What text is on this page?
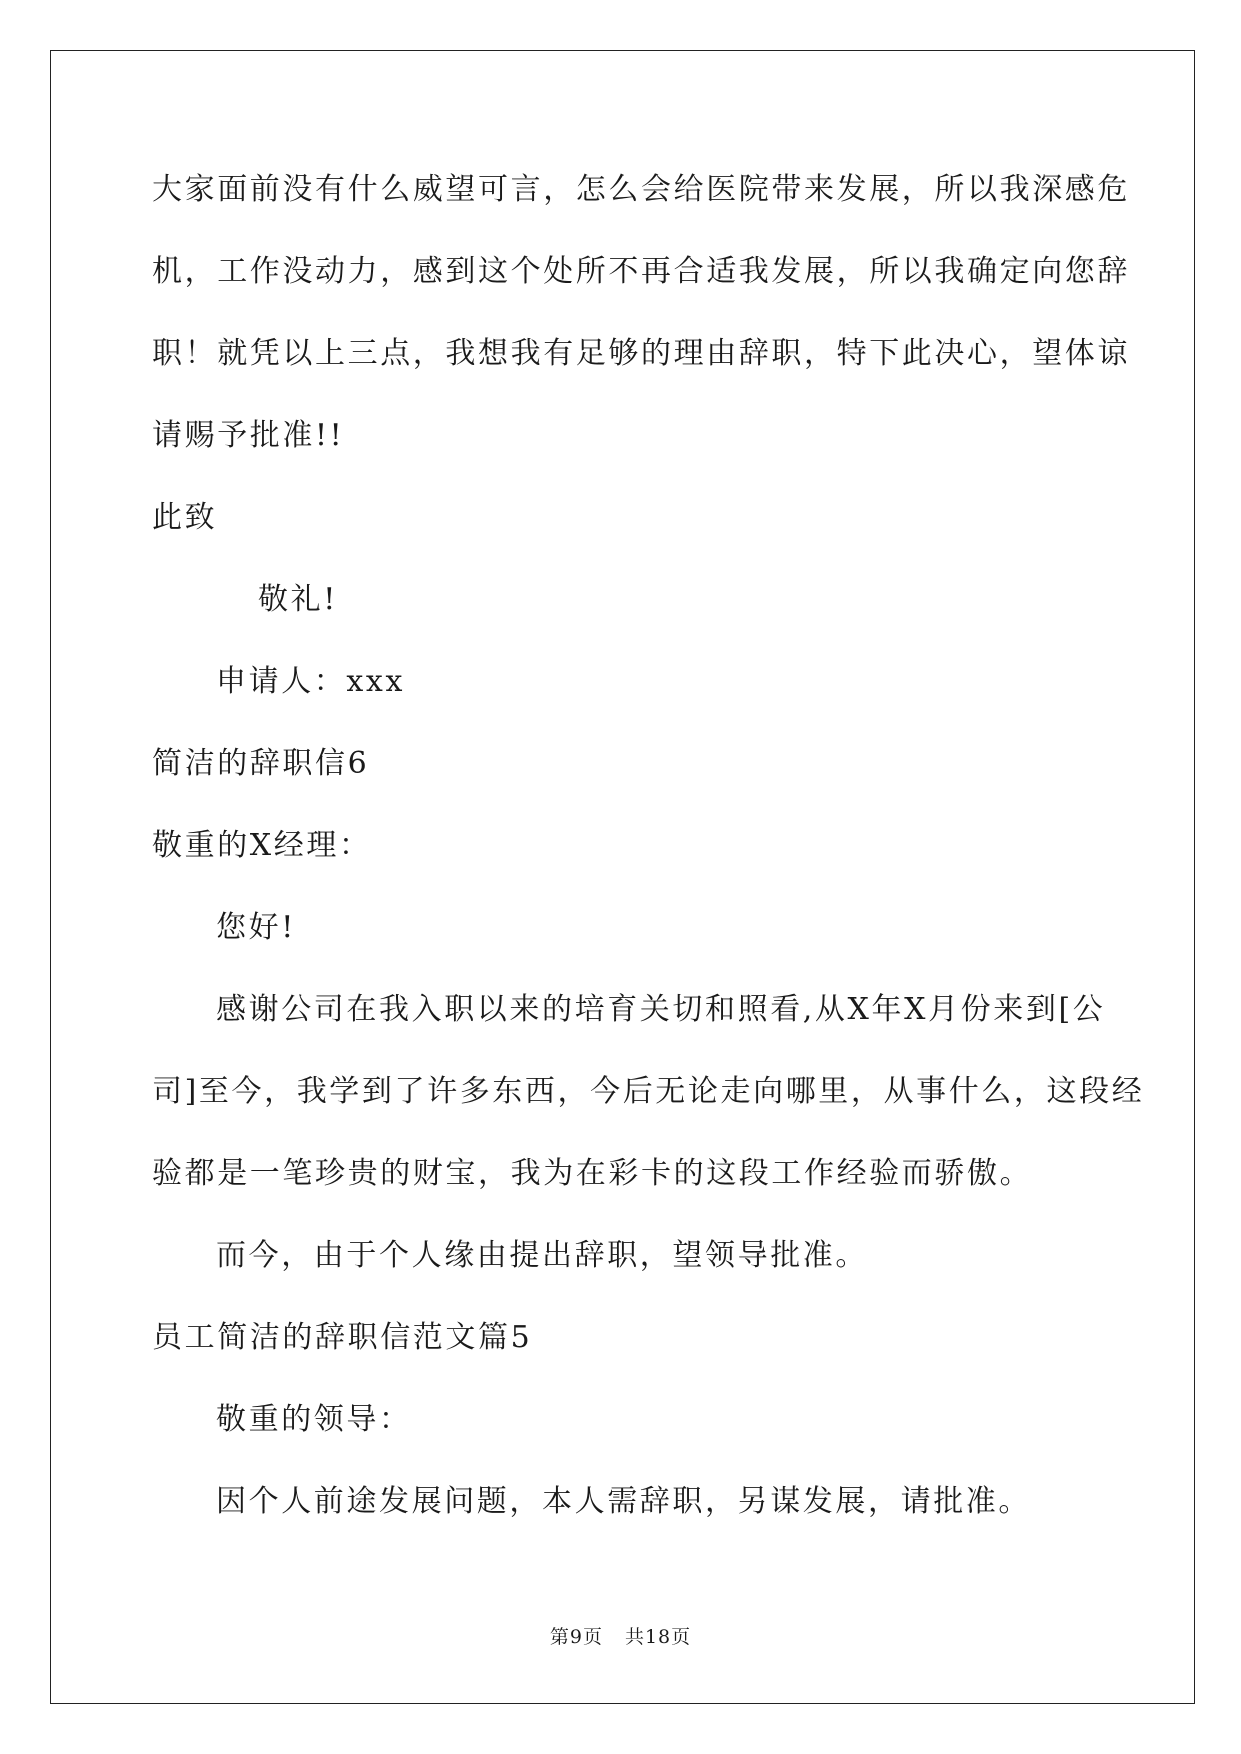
大家面前没有什么威望可言，怎么会给医院带来发展，所以我深感危
机，工作没动力，感到这个处所不再合适我发展，所以我确定向您辞
职！就凭以上三点，我想我有足够的理由辞职，特下此决心，望体谅
请赐予批准!!
此致
敬礼!
申请人：xxx
简洁的辞职信6
敬重的X经理：
您好!
感谢公司在我入职以来的培育关切和照看,从X年X月份来到[公
司]至今，我学到了许多东西，今后无论走向哪里，从事什么，这段经
验都是一笔珍贵的财宝，我为在彩卡的这段工作经验而骄傲。
而今，由于个人缘由提出辞职，望领导批准。
员工简洁的辞职信范文篇5
敬重的领导：
因个人前途发展问题，本人需辞职，另谋发展，请批准。
第9页 共18页
